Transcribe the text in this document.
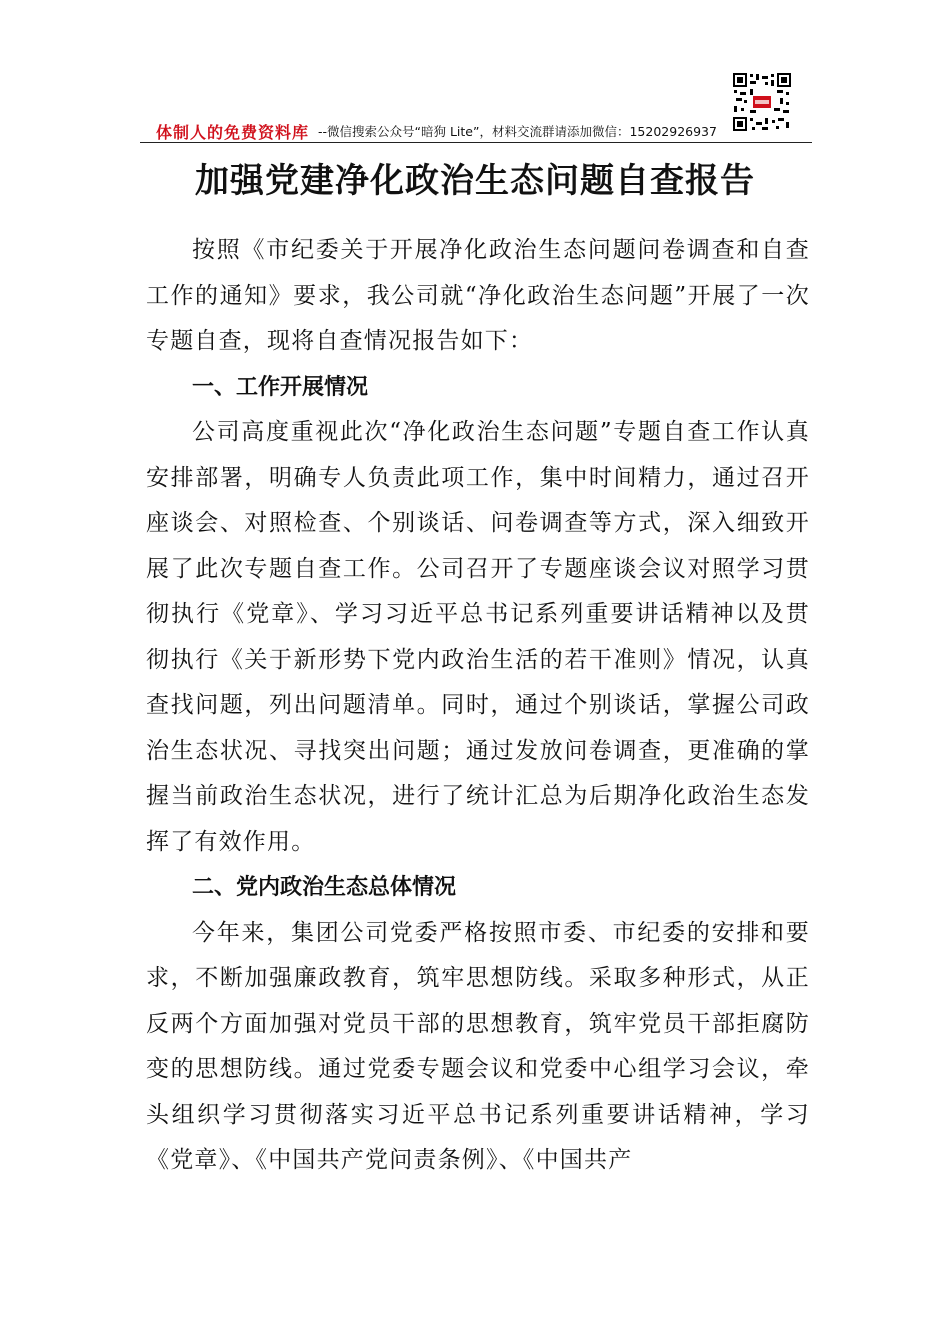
体制人的免费资料库 --微信搜索公众号“暗狗 Lite”，材料交流群请添加微信：15202926937
加强党建净化政治生态问题自查报告

按照《市纪委关于开展净化政治生态问题问卷调查和自查工作的通知》要求，我公司就“净化政治生态问题”开展了一次专题自查，现将自查情况报告如下：

一、工作开展情况

公司高度重视此次“净化政治生态问题”专题自查工作认真安排部署，明确专人负责此项工作，集中时间精力，通过召开座谈会、对照检查、个别谈话、问卷调查等方式，深入细致开展了此次专题自查工作。公司召开了专题座谈会议对照学习贯彻执行《党章》、学习习近平总书记系列重要讲话精神以及贯彻执行《关于新形势下党内政治生活的若干准则》情况，认真查找问题，列出问题清单。同时，通过个别谈话，掌握公司政治生态状况、寻找突出问题；通过发放问卷调查，更准确的掌握当前政治生态状况，进行了统计汇总为后期净化政治生态发挥了有效作用。

二、党内政治生态总体情况

今年来，集团公司党委严格按照市委、市纪委的安排和要求，不断加强廉政教育，筑牢思想防线。采取多种形式，从正反两个方面加强对党员干部的思想教育，筑牢党员干部拒腐防变的思想防线。通过党委专题会议和党委中心组学习会议，牵头组织学习贯彻落实习近平总书记系列重要讲话精神，学习《党章》、《中国共产党问责条例》、《中国共产
